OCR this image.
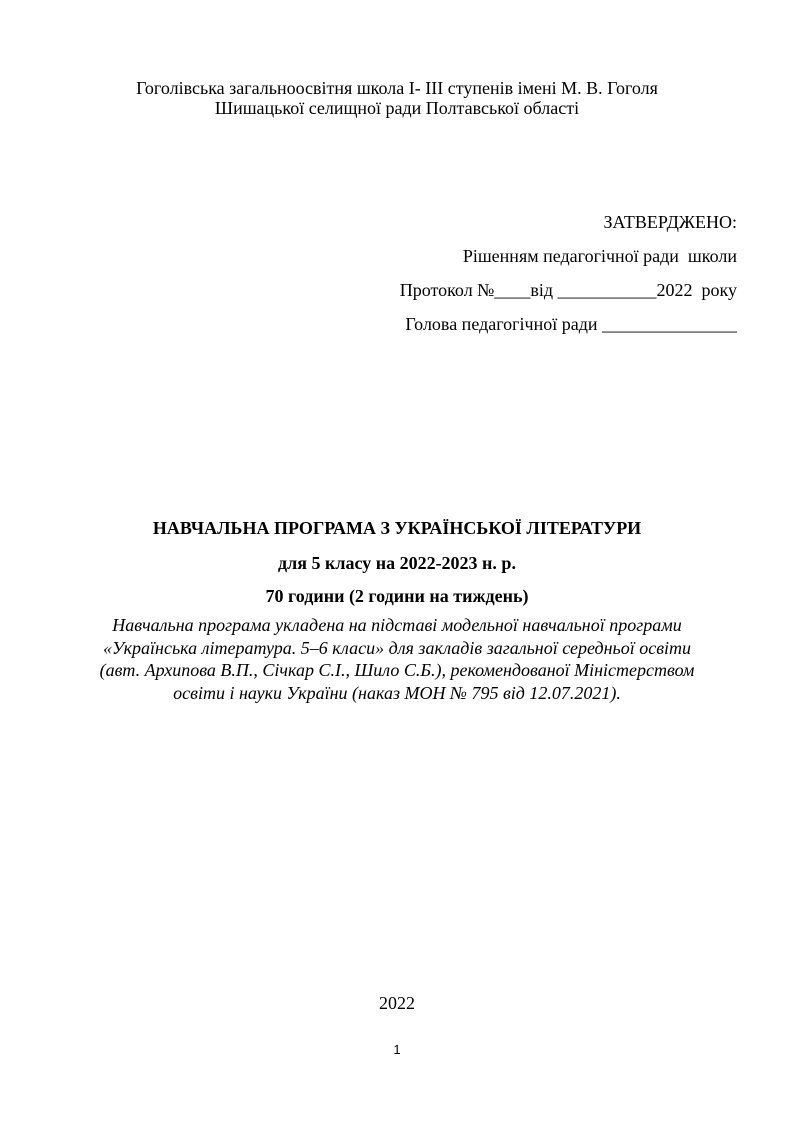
Гоголівська загальноосвітня школа І- ІІІ ступенів імені М. В. Гоголя
Шишацької селищної ради Полтавської області
ЗАТВЕРДЖЕНО:
Рішенням педагогічної ради  школи
Протокол №____від ___________2022  року
Голова педагогічної ради _______________
НАВЧАЛЬНА ПРОГРАМА З УКРАЇНСЬКОЇ ЛІТЕРАТУРИ
для 5 класу на 2022-2023 н. р.
70 години (2 години на тиждень)
Навчальна програма укладена на підставі модельної навчальної програми «Українська література. 5–6 класи» для закладів загальної середньої освіти (авт. Архипова В.П., Січкар С.І., Шило С.Б.), рекомендованої Міністерством освіти і науки України (наказ МОН № 795 від 12.07.2021).
2022
1
